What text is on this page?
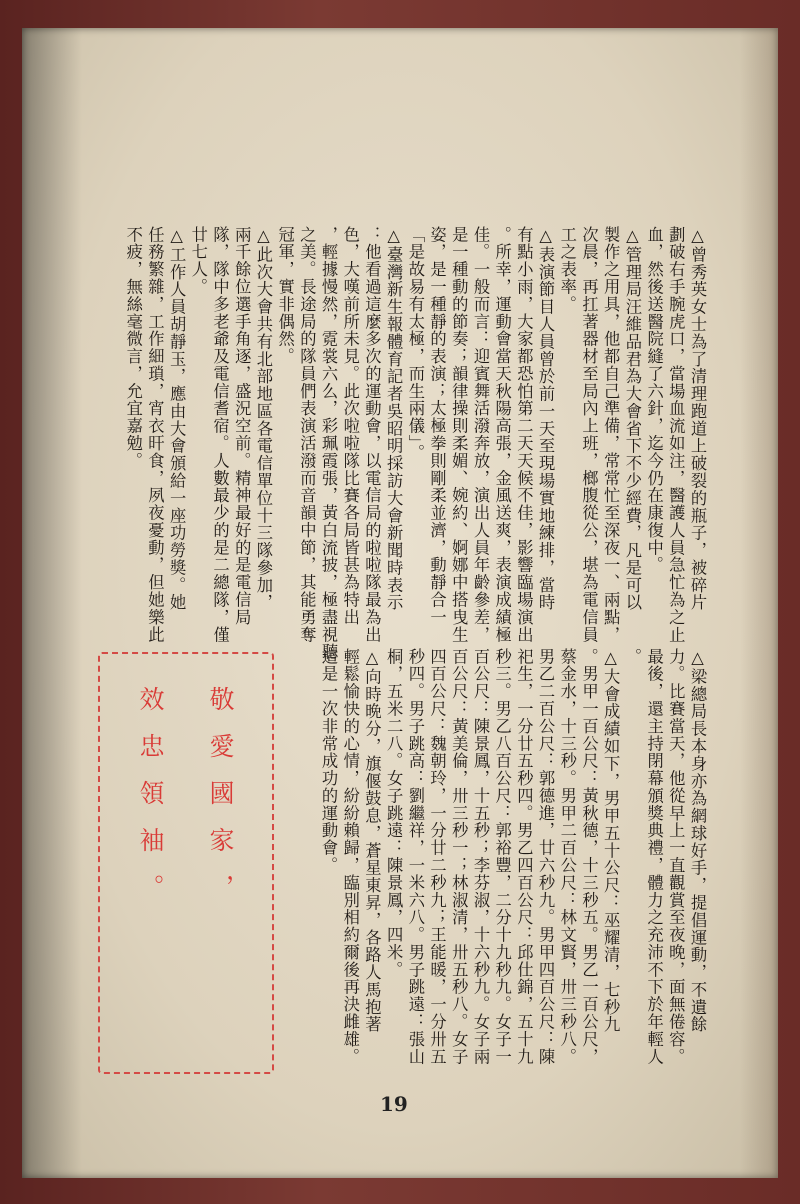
△曾秀英女士為了清理跑道上破裂的瓶子，被碎片
劃破右手腕虎口，當場血流如注，醫護人員急忙為之止
血，然後送醫院縫了六針，迄今仍在康復中。
△管理局汪維品君為大會省下不少經費，凡是可以
製作之用具，他都自己準備，常常忙至深夜一、兩點，
次晨，再扛著器材至局內上班，榔腹從公，堪為電信員
工之表率。
△表演節目人員曾於前一天至現場實地練排，當時
有點小雨，大家都恐怕第二天天候不佳，影響臨場演出
。所幸，運動會當天秋陽高張，金風送爽，表演成績極
佳。一般而言：迎賓舞活潑奔放，演出人員年齡參差，
是一種動的節奏；韻律操則柔媚、婉約、婀娜中搭曳生
姿，是一種靜的表演；太極拳則剛柔並濟，動靜合一
「是故易有太極，而生兩儀」。
△臺灣新生報體育記者吳昭明採訪大會新聞時表示
：他看過這麼多次的運動會，以電信局的啦啦隊最為出
色，大嘆前所未見。此次啦啦隊比賽各局皆甚為特出
，輕據慢然，霓裳六么，彩珮霞張，黃白流披，極盡視聽
之美。長途局的隊員們表演活潑而音韻中節，其能勇奪
冠軍，實非偶然。
△此次大會共有北部地區各電信單位十三隊參加，
兩千餘位選手角逐，盛況空前。精神最好的是電信局
隊，隊中多老爺及電信耆宿。人數最少的是二總隊，僅
廿七人。
△工作人員胡靜玉，應由大會頒給一座功勞獎。她
任務繁雜，工作細瑣，宵衣旰食，夙夜憂動，但她樂此
不疲，無絲毫微言，允宜嘉勉。
△梁總局長本身亦為網球好手，提倡運動，不遺餘
力。比賽當天，他從早上一直觀賞至夜晚，面無倦容。
最後，還主持閉幕頒獎典禮，體力之充沛不下於年輕人
。
△大會成績如下，男甲五十公尺：巫耀清，七秒九
。男甲一百公尺：黃秋德，十三秒五。男乙一百公尺，
蔡金水，十三秒。男甲二百公尺：林文賢，卅三秒八。
男乙二百公尺：郭德進，廿六秒九。男甲四百公尺：陳
祀生，一分廿五秒四。男乙四百公尺：邱仕錦，五十九
秒三。男乙八百公尺：郭裕豐，二分十九秒九。女子一
百公尺：陳景鳳，十五秒；李芬淑，十六秒九。女子兩
百公尺：黃美倫，卅三秒一；林淑清，卅五秒八。女子
四百公尺：魏朝玲，一分廿二秒九；王能暖，一分卅五
秒四。男子跳高：劉繼祥，一米六八。男子跳遠：張山
桐，五米二八。女子跳遠：陳景鳳，四米。
△向時晩分，旗偃鼓息，蒼星東昇，各路人馬抱著
輕鬆愉快的心情，紛紛賴歸，臨別相約爾後再決雌雄。
這是一次非常成功的運動會。
敬愛國家，
效忠領袖。
19
